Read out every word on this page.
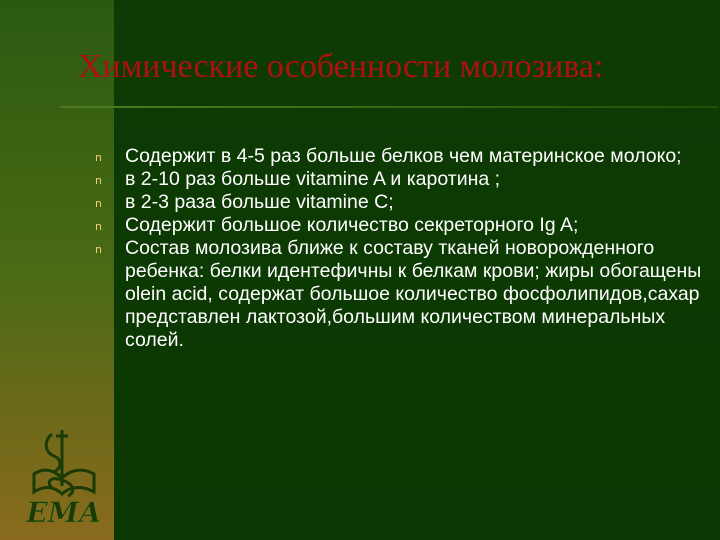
Химические особенности молозива:
n Содержит в 4-5 раз больше белков чем материнское молоко;
n в 2-10 раз больше vitamine A и каротина ;
n в 2-3 раза больше vitamine C;
n Содержит большое количество секреторного Ig A;
n Состав молозива ближе к составу тканей новорожденного ребенка: белки идентефичны к белкам крови; жиры обогащены olein acid, содержат большое количество фосфолипидов,сахар представлен лактозой,большим количеством минеральных солей.
ЕМА
